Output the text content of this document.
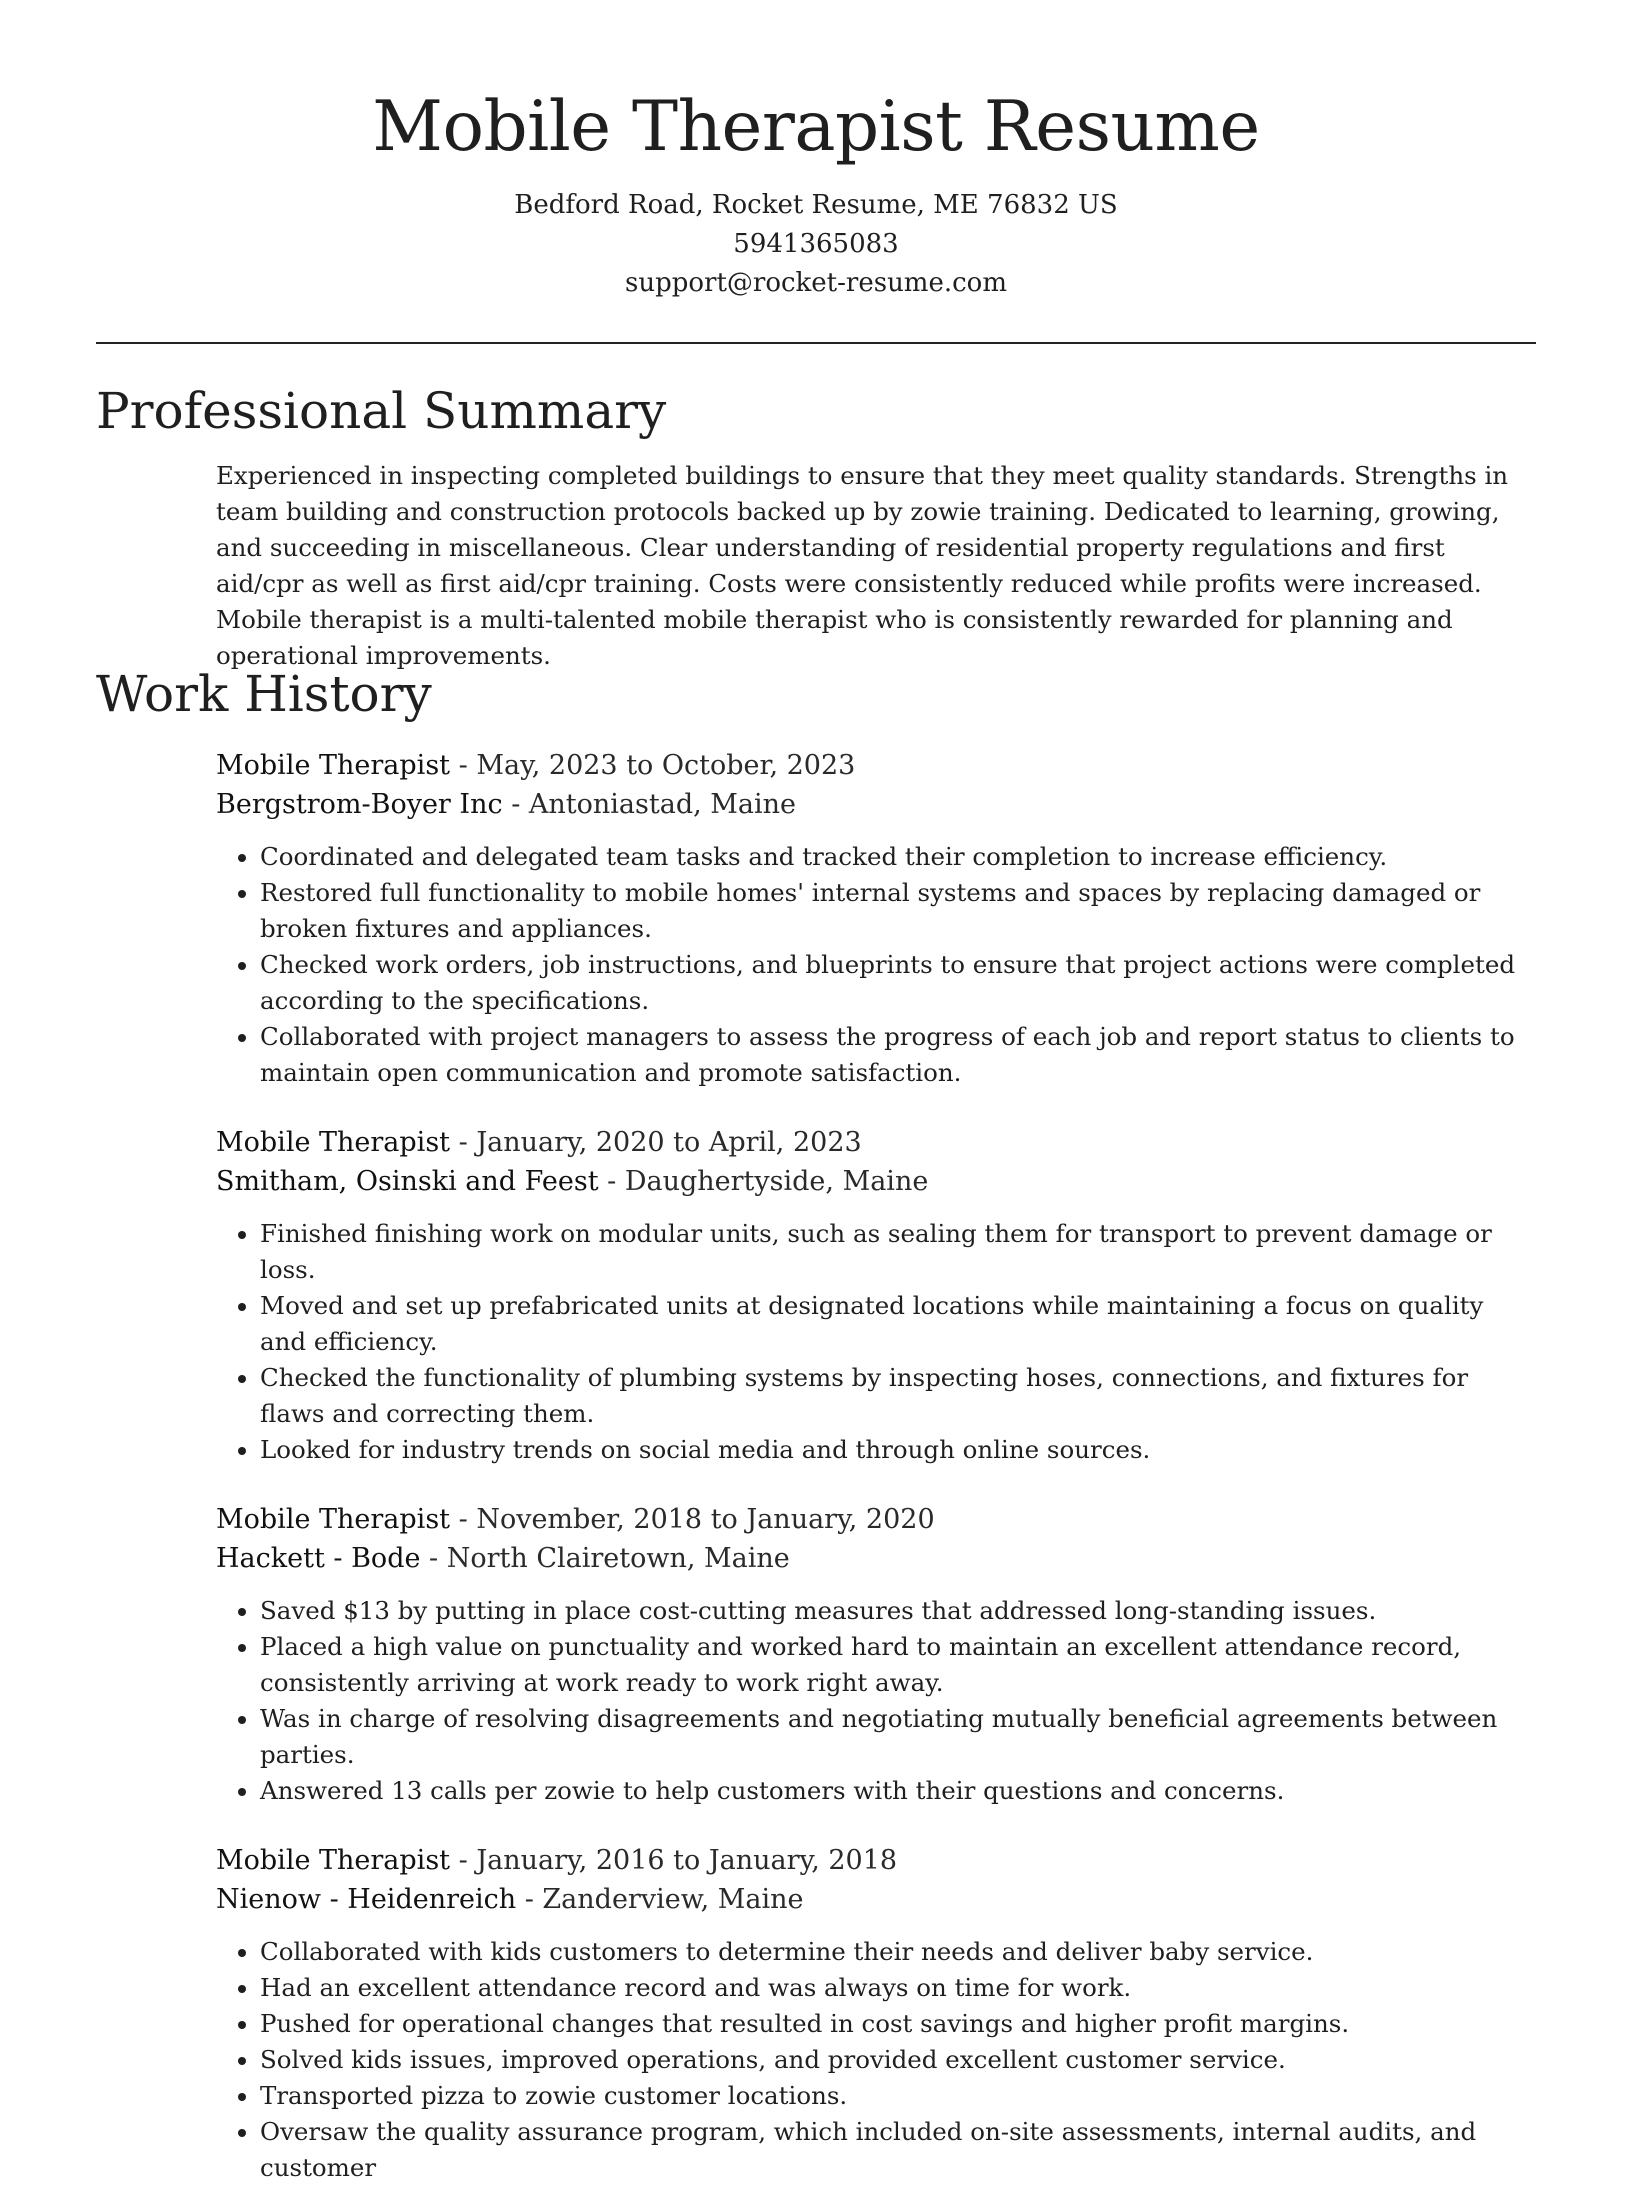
Mobile Therapist Resume
Bedford Road, Rocket Resume, ME 76832 US
5941365083
support@rocket-resume.com
Professional Summary

Experienced in inspecting completed buildings to ensure that they meet quality standards. Strengths in team building and construction protocols backed up by zowie training. Dedicated to learning, growing, and succeeding in miscellaneous. Clear understanding of residential property regulations and first aid/cpr as well as first aid/cpr training. Costs were consistently reduced while profits were increased. Mobile therapist is a multi-talented mobile therapist who is consistently rewarded for planning and operational improvements.

Work History
Mobile Therapist - May, 2023 to October, 2023
Bergstrom-Boyer Inc - Antoniastad, Maine
• Coordinated and delegated team tasks and tracked their completion to increase efficiency.
• Restored full functionality to mobile homes' internal systems and spaces by replacing damaged or broken fixtures and appliances.
• Checked work orders, job instructions, and blueprints to ensure that project actions were completed according to the specifications.
• Collaborated with project managers to assess the progress of each job and report status to clients to maintain open communication and promote satisfaction.
Mobile Therapist - January, 2020 to April, 2023
Smitham, Osinski and Feest - Daughertyside, Maine
• Finished finishing work on modular units, such as sealing them for transport to prevent damage or loss.
• Moved and set up prefabricated units at designated locations while maintaining a focus on quality and efficiency.
• Checked the functionality of plumbing systems by inspecting hoses, connections, and fixtures for flaws and correcting them.
• Looked for industry trends on social media and through online sources.
Mobile Therapist - November, 2018 to January, 2020
Hackett - Bode - North Clairetown, Maine
• Saved $13 by putting in place cost-cutting measures that addressed long-standing issues.
• Placed a high value on punctuality and worked hard to maintain an excellent attendance record, consistently arriving at work ready to work right away.
• Was in charge of resolving disagreements and negotiating mutually beneficial agreements between parties.
• Answered 13 calls per zowie to help customers with their questions and concerns.
Mobile Therapist - January, 2016 to January, 2018
Nienow - Heidenreich - Zanderview, Maine
• Collaborated with kids customers to determine their needs and deliver baby service.
• Had an excellent attendance record and was always on time for work.
• Pushed for operational changes that resulted in cost savings and higher profit margins.
• Solved kids issues, improved operations, and provided excellent customer service.
• Transported pizza to zowie customer locations.
• Oversaw the quality assurance program, which included on-site assessments, internal audits, and customer
